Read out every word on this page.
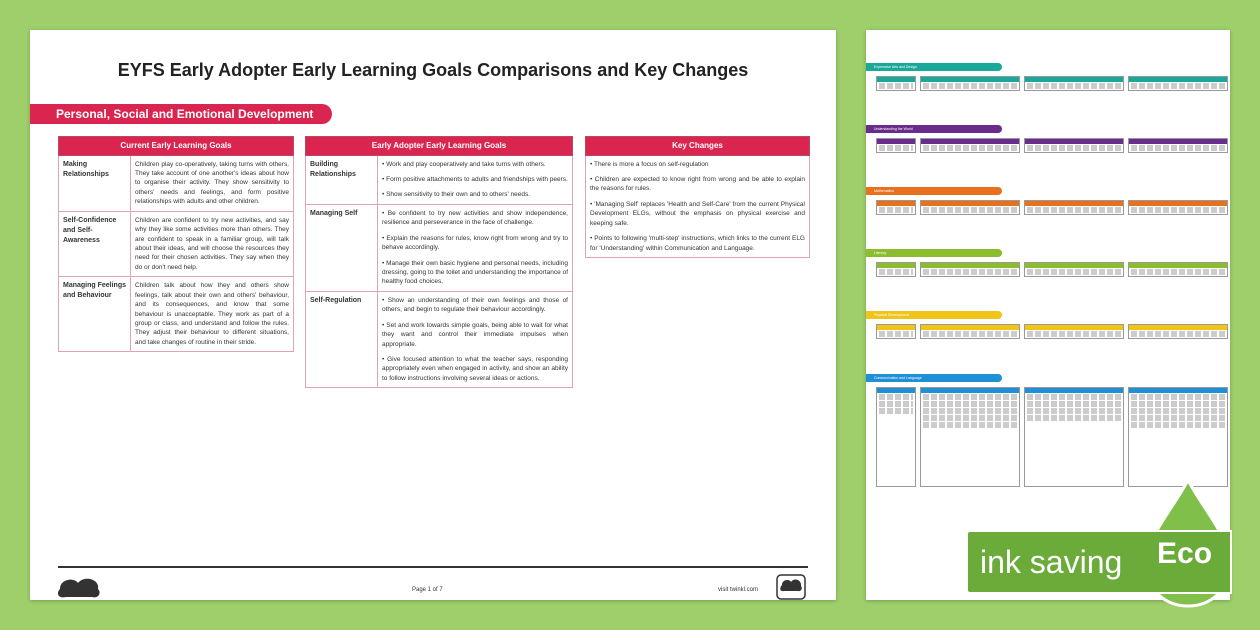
EYFS Early Adopter Early Learning Goals Comparisons and Key Changes
Personal, Social and Emotional Development
Current Early Learning Goals	
Making Relationships	Children play co-operatively, taking turns with others. They take account of one another's ideas about how to organise their activity. They show sensitivity to others' needs and feelings, and form positive relationships with adults and other children.
Self-Confidence and Self-Awareness	Children are confident to try new activities, and say why they like some activities more than others. They are confident to speak in a familiar group, will talk about their ideas, and will choose the resources they need for their chosen activities. They say when they do or don't need help.
Managing Feelings and Behaviour	Children talk about how they and others show feelings, talk about their own and others' behaviour, and its consequences, and know that some behaviour is unacceptable. They work as part of a group or class, and understand and follow the rules. They adjust their behaviour to different situations, and take changes of routine in their stride.
Early Adopter Early Learning Goals	
Building Relationships	• Work and play cooperatively and take turns with others.

• Form positive attachments to adults and friendships with peers.

• Show sensitivity to their own and to others' needs.

Managing Self	• Be confident to try new activities and show independence, resilience and perseverance in the face of challenge.

• Explain the reasons for rules, know right from wrong and try to behave accordingly.

• Manage their own basic hygiene and personal needs, including dressing, going to the toilet and understanding the importance of healthy food choices.

Self-Regulation	• Show an understanding of their own feelings and those of others, and begin to regulate their behaviour accordingly.

• Set and work towards simple goals, being able to wait for what they want and control their immediate impulses when appropriate.

• Give focused attention to what the teacher says, responding appropriately even when engaged in activity, and show an ability to follow instructions involving several ideas or actions.

Key Changes

• There is more a focus on self-regulation

• Children are expected to know right from wrong and be able to explain the reasons for rules.

• 'Managing Self' replaces 'Health and Self-Care' from the current Physical Development ELGs, without the emphasis on physical exercise and keeping safe.

• Points to following 'multi-step' instructions, which links to the current ELG for 'Understanding' within Communication and Language.

Page 1 of 7	visit twinkl.com
Expressive Arts and Design
Understanding the World
Mathematics
Literacy
Physical Development
Communication and Language
ink saving	Eco
